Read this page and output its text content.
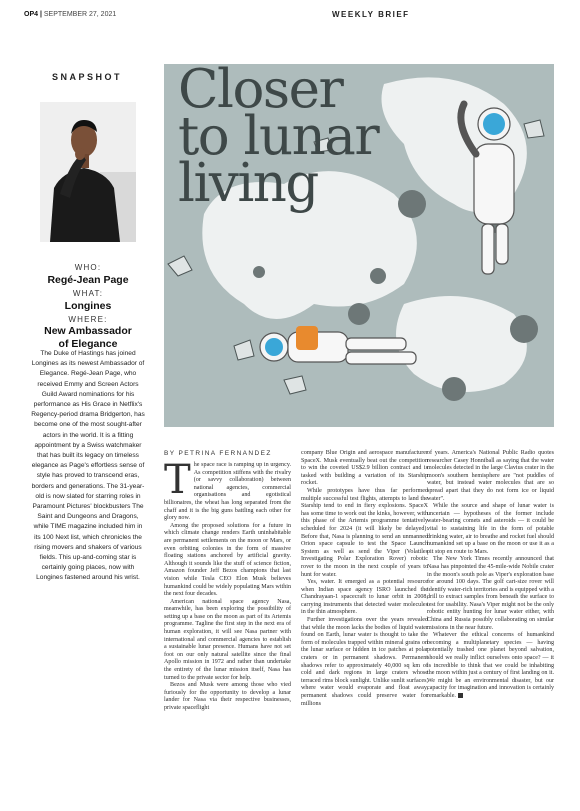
OP4 | SEPTEMBER 27, 2021	WEEKLY BRIEF
SNAPSHOT
WHO:
Regé-Jean Page
WHAT:
Longines
WHERE:
New Ambassador
of Elegance

The Duke of Hastings has joined Longines as its newest Ambassador of Elegance. Regé-Jean Page, who received Emmy and Screen Actors Guild Award nominations for his performance as His Grace in Netflix's Regency-period drama Bridgerton, has become one of the most sought-after actors in the world. It is a fitting appointment by a Swiss watchmaker that has built its legacy on timeless elegance as Page's effortless sense of style has proved to transcend eras, borders and generations. The 31-year-old is now slated for starring roles in Paramount Pictures' blockbusters The Saint and Dungeons and Dragons, while TIME magazine included him in its 100 Next list, which chronicles the rising movers and shakers of various fields. This up-and-coming star is certainly going places, now with Longines fastened around his wrist.

Closer
to lunar
living
BY PETRINA FERNANDEZ

The space race is ramping up in urgency. As competition stiffens with the rivalry (or savvy collaboration) between national agencies, commercial organisations and egotistical billionaires, the wheat has long separated from the chaff and it is the big guns battling each other for glory now.

Among the proposed solutions for a future in which climate change renders Earth uninhabitable are permanent settlements on the moon or Mars, or even orbiting colonies in the form of massive floating stations anchored by artificial gravity. Although it sounds like the stuff of science fiction, Amazon founder Jeff Bezos champions that last vision while Tesla CEO Elon Musk believes humankind could be widely populating Mars within the next four decades.

American national space agency Nasa, meanwhile, has been exploring the possibility of setting up a base on the moon as part of its Artemis programme. Tagline the first step in the next era of human exploration, it will see Nasa partner with international and commercial agencies to establish a sustainable lunar presence. Humans have not set foot on our only natural satellite since the final Apollo mission in 1972 and rather than undertake the entirety of the lunar mission itself, Nasa has turned to the private sector for help.

Bezos and Musk were among those who vied furiously for the opportunity to develop a lunar lander for Nasa via their respective businesses, private spaceflight

company Blue Origin and aerospace manufacturer SpaceX. Musk eventually beat out the competition to win the coveted US$2.9 billion contract and is tasked with building a variation of its Starship rocket.

While prototypes have thus far performed multiple successful test flights, attempts to land the Starship tend to end in fiery explosions. SpaceX has some time to work out the kinks, however, with this phase of the Artemis programme tentatively scheduled for 2024 (it will likely be delayed). Before that, Nasa is planning to send an unmanned Orion space capsule to test the Space Launch System as well as send the Viper (Volatiles Investigating Polar Exploration Rover) robotic rover to the moon in the next couple of years to hunt for water.

Yes, water. It emerged as a potential resource when Indian space agency ISRO launched the Chandrayaan-1 spacecraft to lunar orbit in 2008, carrying instruments that detected water molecules in the thin atmosphere.

Further investigations over the years revealed that while the moon lacks the bodies of liquid water found on Earth, lunar water is thought to take the form of molecules trapped within mineral grains on the lunar surface or hidden in ice patches at polar craters or in permanent shadows. Permanent shadows refer to approximately 40,000 sq km of cold and dark regions in large craters whose terraced rims block sunlight. Unlike sunlit surfaces, where water would evaporate and float away, permanent shadows could preserve water for millions

of years. America's National Public Radio quotes researcher Casey Honniball as saying that the water molecules detected in the large Clavius crater in the moon's southern hemisphere are "not puddles of water, but instead water molecules that are so spread apart that they do not form ice or liquid water".

While the source and shape of lunar water is uncertain — hypotheses of the former include water-bearing comets and asteroids — it could be vital to sustaining life in the form of potable drinking water, air to breathe and rocket fuel should humankind set up a base on the moon or use it as a pit stop en route to Mars.

The New York Times recently announced that Nasa has pinpointed the 45-mile-wide Nobile crater in the moon's south pole as Viper's exploration base for around 100 days. The golf cart-size rover will identify water-rich territories and is equipped with a drill to extract samples from beneath the surface to test for usability. Nasa's Viper might not be the only robotic entity hunting for lunar water either, with China and Russia possibly collaborating on similar missions in the near future.

Whatever the ethical concerns of humankind becoming a multiplanetary species — having potentially trashed one planet beyond salvation, should we really inflict ourselves onto space? — it is incredible to think that we could be inhabiting the moon within just a century of first landing on it. We might be an environmental disaster, but our capacity for imagination and innovation is certainly remarkable.
